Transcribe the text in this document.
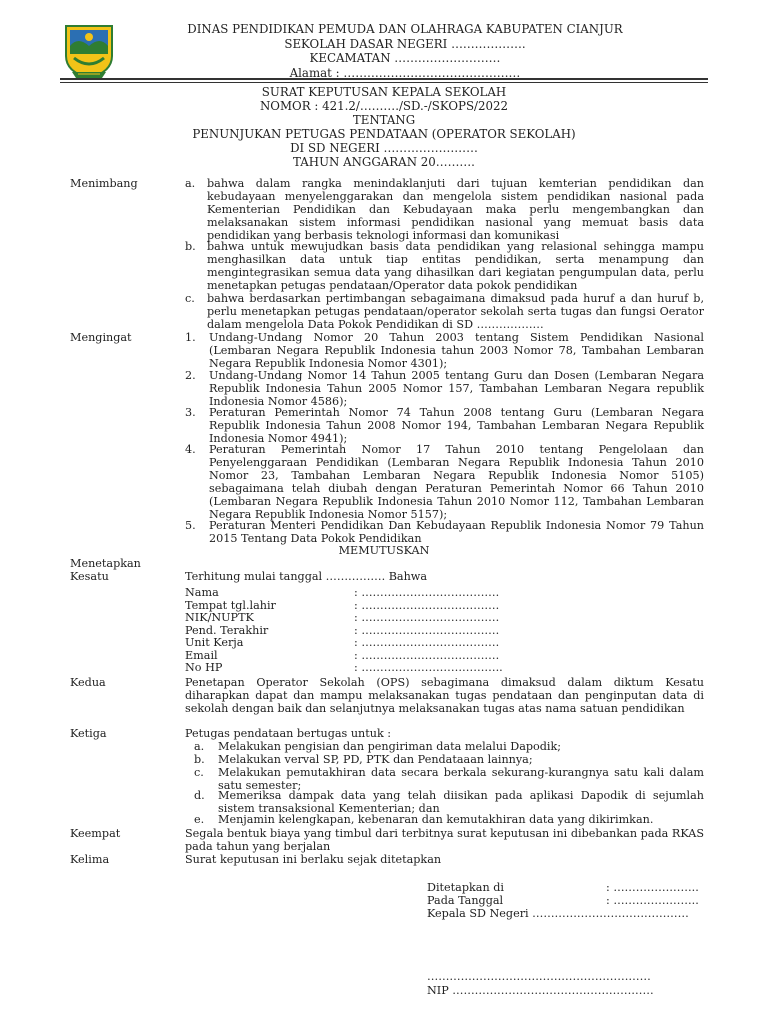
DINAS PENDIDIKAN PEMUDA DAN OLAHRAGA KABUPATEN CIANJUR
SEKOLAH DASAR NEGERI ……………….
KECAMATAN ………………………
Alamat : ………………………………………
SURAT KEPUTUSAN KEPALA SEKOLAH
NOMOR : 421.2/………./SD.-/SKOPS/2022
TENTANG
PENUNJUKAN PETUGAS PENDATAAN (OPERATOR SEKOLAH)
DI SD NEGERI ……………………
TAHUN ANGGARAN 20……….
Menimbang	a. bahwa dalam rangka menindaklanjuti dari tujuan kemterian pendidikan dan kebudayaan menyelenggarakan dan mengelola sistem pendidikan nasional pada Kementerian Pendidikan dan Kebudayaan maka perlu mengembangkan dan melaksanakan sistem informasi pendidikan nasional yang memuat basis data pendidikan yang berbasis teknologi informasi dan komunikasi
b. bahwa untuk mewujudkan basis data pendidikan yang relasional sehingga mampu menghasilkan data untuk tiap entitas pendidikan, serta menampung dan mengintegrasikan semua data yang dihasilkan dari kegiatan pengumpulan data, perlu menetapkan petugas pendataan/Operator data pokok pendidikan
c. bahwa berdasarkan pertimbangan sebagaimana dimaksud pada huruf a dan huruf b, perlu menetapkan petugas pendataan/operator sekolah serta tugas dan fungsi Oerator dalam mengelola Data Pokok Pendidikan di SD ………………
Mengingat	1. Undang-Undang Nomor 20 Tahun 2003 tentang Sistem Pendidikan Nasional (Lembaran Negara Republik Indonesia tahun 2003 Nomor 78, Tambahan Lembaran Negara Republik Indonesia Nomor 4301);
2. Undang-Undang Nomor 14 Tahun 2005 tentang Guru dan Dosen (Lembaran Negara Republik Indonesia Tahun 2005 Nomor 157, Tambahan Lembaran Negara republik Indonesia Nomor 4586);
3. Peraturan Pemerintah Nomor 74 Tahun 2008 tentang Guru (Lembaran Negara Republik Indonesia Tahun 2008 Nomor 194, Tambahan Lembaran Negara Republik Indonesia Nomor 4941);
4. Peraturan Pemerintah Nomor 17 Tahun 2010 tentang Pengelolaan dan Penyelenggaraan Pendidikan (Lembaran Negara Republik Indonesia Tahun 2010 Nomor 23, Tambahan Lembaran Negara Republik Indonesia Nomor 5105) sebagaimana telah diubah dengan Peraturan Pemerintah Nomor 66 Tahun 2010 (Lembaran Negara Republik Indonesia Tahun 2010 Nomor 112, Tambahan Lembaran Negara Republik Indonesia Nomor 5157);
5. Peraturan Menteri Pendidikan Dan Kebudayaan Republik Indonesia Nomor 79 Tahun 2015 Tentang Data Pokok Pendidikan
MEMUTUSKAN
Menetapkan
Kesatu	Terhitung mulai tanggal ……………. Bahwa
Nama	: ……………………………….
Tempat tgl.lahir	: ……………………………….
NIK/NUPTK	: ……………………………….
Pend. Terakhir	: ……………………………….
Unit Kerja	: ……………………………….
Email	: ……………………………….
No HP	: ………………………………..
Kedua	Penetapan Operator Sekolah (OPS) sebagimana dimaksud dalam diktum Kesatu diharapkan dapat dan mampu melaksanakan tugas pendataan dan penginputan data di sekolah dengan baik dan selanjutnya melaksanakan tugas atas nama satuan pendidikan
Ketiga	Petugas pendataan bertugas untuk :
a. Melakukan pengisian dan pengiriman data melalui Dapodik;
b. Melakukan verval SP, PD, PTK dan Pendataaan lainnya;
c. Melakukan pemutakhiran data secara berkala sekurang-kurangnya satu kali dalam satu semester;
d. Memeriksa dampak data yang telah diisikan pada aplikasi Dapodik di sejumlah sistem transaksional Kementerian; dan
e. Menjamin kelengkapan, kebenaran dan kemutakhiran data yang dikirimkan.
Keempat	Segala bentuk biaya yang timbul dari terbitnya surat keputusan ini dibebankan pada RKAS pada tahun yang berjalan
Kelima	Surat keputusan ini berlaku sejak ditetapkan
Ditetapkan di	: …………………..
Pada Tanggal	: …………………..
Kepala SD Negeri ……………………………………
……………………………………………………
NIP ………………………………………………
